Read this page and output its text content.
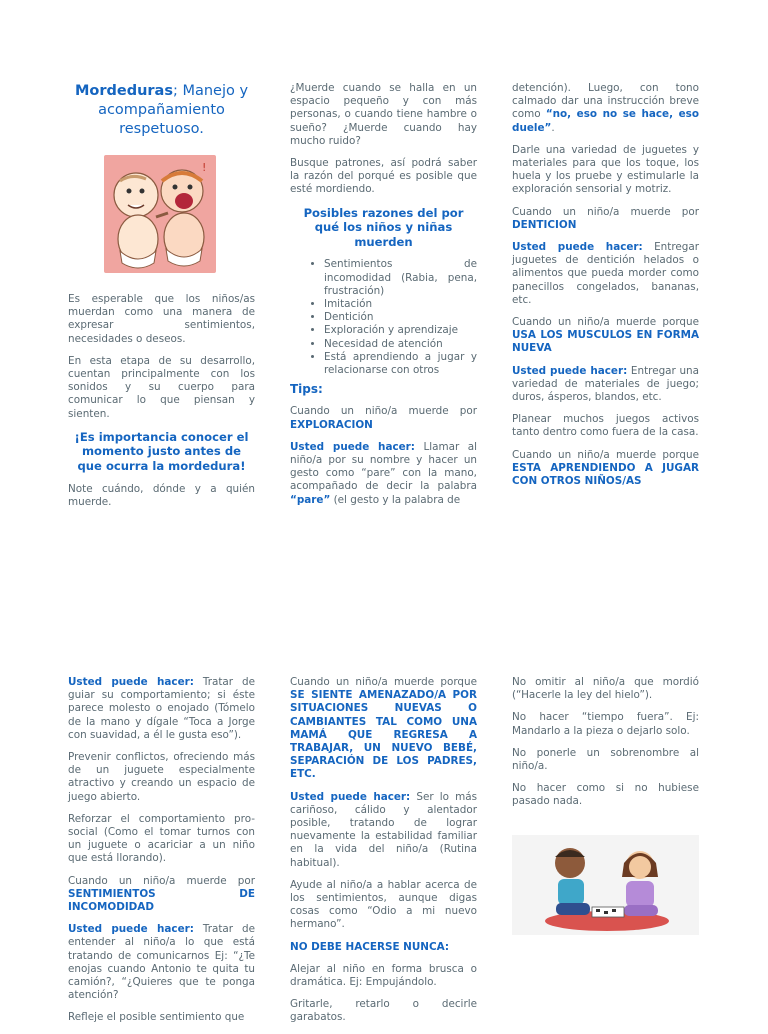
Mordeduras; Manejo y acompañamiento respetuoso.
!

Es esperable que los niños/as muerdan como una manera de expresar sentimientos, necesidades o deseos.

En esta etapa de su desarrollo, cuentan principalmente con los sonidos y su cuerpo para comunicar lo que piensan y sienten.

¡Es importancia conocer el momento justo antes de que ocurra la mordedura!

Note cuándo, dónde y a quién muerde.

¿Muerde cuando se halla en un espacio pequeño y con más personas, o cuando tiene hambre o sueño? ¿Muerde cuando hay mucho ruido?

Busque patrones, así podrá saber la razón del porqué es posible que esté mordiendo.

Posibles razones del por qué los niños y niñas muerden
• Sentimientos de incomodidad (Rabia, pena, frustración)
• Imitación
• Dentición
• Exploración y aprendizaje
• Necesidad de atención
• Está aprendiendo a jugar y relacionarse con otros
Tips:

Cuando un niño/a muerde por EXPLORACION

Usted puede hacer: Llamar al niño/a por su nombre y hacer un gesto como “pare” con la mano, acompañado de decir la palabra “pare” (el gesto y la palabra de

detención). Luego, con tono calmado dar una instrucción breve como “no, eso no se hace, eso duele”.

Darle una variedad de juguetes y materiales para que los toque, los huela y los pruebe y estimularle la exploración sensorial y motriz.

Cuando un niño/a muerde por DENTICION

Usted puede hacer: Entregar juguetes de dentición helados o alimentos que pueda morder como panecillos congelados, bananas, etc.

Cuando un niño/a muerde porque USA LOS MUSCULOS EN FORMA NUEVA

Usted puede hacer: Entregar una variedad de materiales de juego; duros, ásperos, blandos, etc.

Planear muchos juegos activos tanto dentro como fuera de la casa.

Cuando un niño/a muerde porque ESTA APRENDIENDO A JUGAR CON OTROS NIÑOS/AS

Usted puede hacer: Tratar de guiar su comportamiento; si éste parece molesto o enojado (Tómelo de la mano y dígale “Toca a Jorge con suavidad, a él le gusta eso”).

Prevenir conflictos, ofreciendo más de un juguete especialmente atractivo y creando un espacio de juego abierto.

Reforzar el comportamiento pro-social (Como el tomar turnos con un juguete o acariciar a un niño que está llorando).

Cuando un niño/a muerde por SENTIMIENTOS DE INCOMODIDAD

Usted puede hacer: Tratar de entender al niño/a lo que está tratando de comunicarnos Ej: “¿Te enojas cuando Antonio te quita tu camión?, “¿Quieres que te ponga atención?

Refleje el posible sentimiento que

Cuando un niño/a muerde porque SE SIENTE AMENAZADO/A POR SITUACIONES NUEVAS O CAMBIANTES TAL COMO UNA MAMÁ QUE REGRESA A TRABAJAR, UN NUEVO BEBÉ, SEPARACIÓN DE LOS PADRES, ETC.

Usted puede hacer: Ser lo más cariñoso, cálido y alentador posible, tratando de lograr nuevamente la estabilidad familiar en la vida del niño/a (Rutina habitual).

Ayude al niño/a a hablar acerca de los sentimientos, aunque digas cosas como “Odio a mi nuevo hermano”.

NO DEBE HACERSE NUNCA:

Alejar al niño en forma brusca o dramática. Ej: Empujándolo.

Gritarle, retarlo o decirle garabatos.

No omitir al niño/a que mordió (“Hacerle la ley del hielo”).

No hacer “tiempo fuera”. Ej: Mandarlo a la pieza o dejarlo solo.

No ponerle un sobrenombre al niño/a.

No hacer como si no hubiese pasado nada.
